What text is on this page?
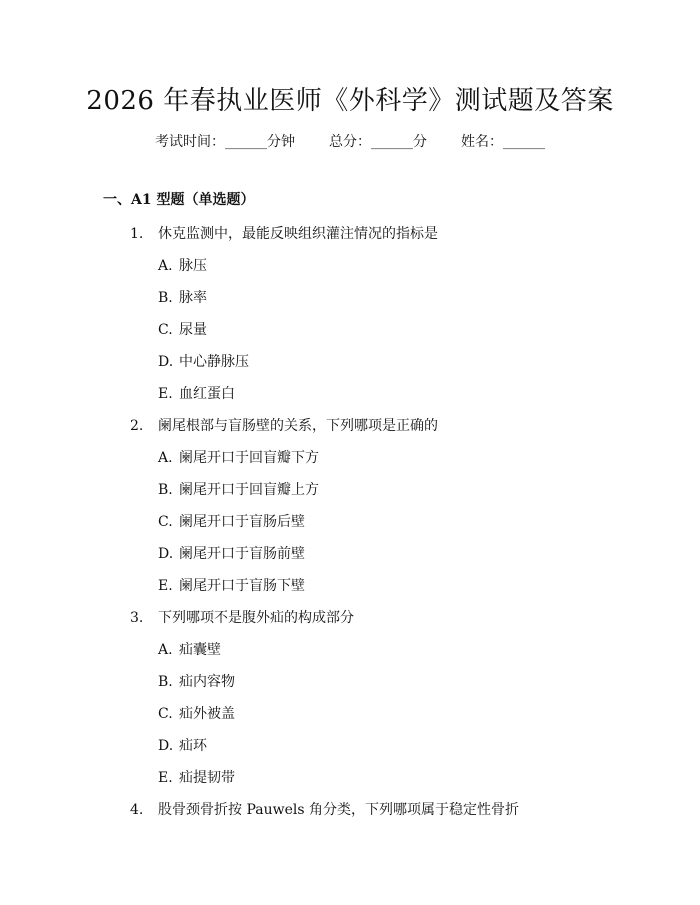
2026 年春执业医师《外科学》测试题及答案
考试时间：______分钟 总分：______分 姓名：______
一、A1 型题（单选题）
1. 休克监测中，最能反映组织灌注情况的指标是
A. 脉压
B. 脉率
C. 尿量
D. 中心静脉压
E. 血红蛋白
2. 阑尾根部与盲肠壁的关系，下列哪项是正确的
A. 阑尾开口于回盲瓣下方
B. 阑尾开口于回盲瓣上方
C. 阑尾开口于盲肠后壁
D. 阑尾开口于盲肠前壁
E. 阑尾开口于盲肠下壁
3. 下列哪项不是腹外疝的构成部分
A. 疝囊壁
B. 疝内容物
C. 疝外被盖
D. 疝环
E. 疝提韧带
4. 股骨颈骨折按 Pauwels 角分类，下列哪项属于稳定性骨折
